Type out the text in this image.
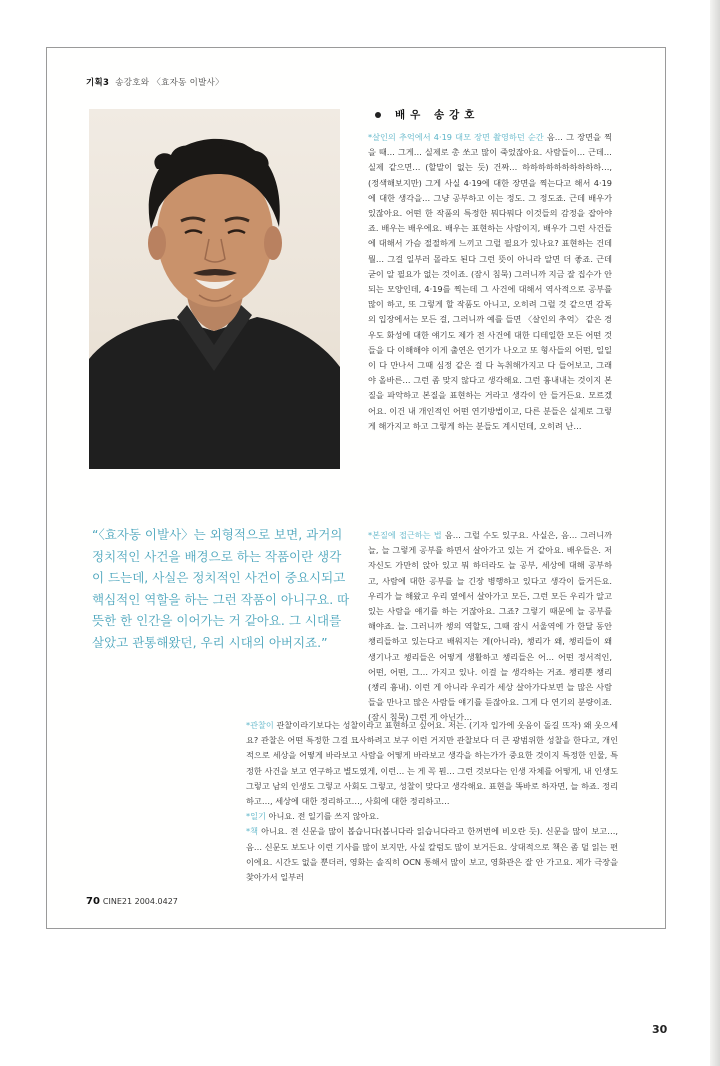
기획3 송강호와 〈효자동 이발사〉
배우 송강호

*살인의 추억에서 4·19 대모 장면 촬영하던 순간 음… 그 장면을 찍을 때… 그게… 실제로 총 쏘고 많이 죽었잖아요. 사람들이… 근데… 실제 같으면… (할말이 없는 듯) 건짜… 하하하하하하하하하하…, (정색해보지만) 그게 사실 4·19에 대한 장면을 찍는다고 해서 4·19에 대한 생각을… 그냥 공부하고 이는 정도. 그 정도죠. 근데 배우가 있잖아요. 어떤 한 작품의 특정한 뭐다뭐다 이것들의 감정을 잡아야죠. 배우는 배우에요. 배우는 표현하는 사람이지, 배우가 그런 사건들에 대해서 가슴 절절하게 느끼고 그럴 필요가 있나요? 표현하는 건데 뭘… 그걸 일부러 몰라도 된다 그런 뜻이 아니라 알면 더 좋죠. 근데 굳이 알 필요가 없는 것이죠. (잠시 침묵) 그러니까 지금 잘 집수가 안 되는 모양인데, 4·19를 찍는데 그 사건에 대해서 역사적으로 공부를 많이 하고, 또 그렇게 할 작품도 아니고, 오히려 그럴 것 같으면 감독의 입장에서는 모든 걸, 그러니까 예를 들면 〈살인의 추억〉 같은 경우도 화성에 대한 얘기도 제가 전 사건에 대한 디테일한 모든 어떤 것들을 다 이해해야 이게 출연은 연기가 나오고 또 형사들의 어떤, 일일이 다 만나서 그때 심정 같은 걸 다 녹취해가지고 다 들어보고, 그래야 올바른… 그런 좀 맞지 않다고 생각해요. 그런 흉내내는 것이지 본질을 파악하고 본질을 표현하는 거라고 생각이 안 들거든요. 모르겠어요. 이건 내 개인적인 어떤 연기방법이고, 다른 분들은 실제로 그렇게 해가지고 하고 그렇게 하는 분들도 계시던데, 오히려 난…

“〈효자동 이발사〉는 외형적으로 보면, 과거의 정치적인 사건을 배경으로 하는 작품이란 생각이 드는데, 사실은 정치적인 사건이 중요시되고 핵심적인 역할을 하는 그런 작품이 아니구요. 따뜻한 한 인간을 이어가는 거 같아요. 그 시대를 살았고 관통해왔던, 우리 시대의 아버지죠.”

*본질에 접근하는 법 음… 그럴 수도 있구요. 사실은, 음… 그러니까 늘, 늘 그렇게 공부를 하면서 살아가고 있는 거 같아요. 배우들은. 저 자신도 가만히 앉아 있고 뭐 하더라도 늘 공부, 세상에 대해 공부하고, 사람에 대한 공부를 늘 긴장 병행하고 있다고 생각이 들거든요. 우리가 늘 해왔고 우리 옆에서 살아가고 모든, 그런 모든 우리가 알고 있는 사람을 얘기를 하는 거잖아요. 그죠? 그렇기 때문에 늘 공부를 해야죠. 늘. 그러니까 챙의 역할도, 그때 잠시 서울역에 가 한달 동안 챙리들하고 있는다고 배워지는 게(아니라), 챙리가 왜, 챙리들이 왜 생기나고 챙리들은 어떻게 생활하고 챙리들은 어… 어떤 정서적인, 어떤, 어떤, 그… 가지고 있나. 이걸 늘 생각하는 거죠. 챙리뿐 챙리(챙리 흉내). 이런 게 아니라 우리가 세상 살아가다보면 늘 많은 사람들을 만나고 많은 사람들 얘기를 듣잖아요. 그게 다 연기의 분량이죠. (잠시 침묵) 그런 게 아닌가…

*관찰이 관찰이라기보다는 성찰이라고 표현하고 싶어요. 저는. (기자 입가에 웃음이 돌길 뜨자) 왜 웃으세요? 관찰은 어떤 특정한 그걸 묘사하려고 보구 이런 거지만 관찰보다 더 큰 광범위한 성찰을 한다고, 개인적으로 세상을 어떻게 바라보고 사람을 어떻게 바라보고 생각을 하는가가 중요한 것이지 특정한 인물, 특정한 사건을 보고 연구하고 별도였게, 이런… 는 게 꼭 뭔… 그런 것보다는 인생 자체를 어떻게, 내 인생도 그렇고 남의 인생도 그렇고 사회도 그렇고, 성찰이 맞다고 생각해요. 표현을 똑바로 하자면, 늘 하죠. 정리하고…, 세상에 대한 정리하고…, 사회에 대한 정리하고…

*일기 아니요. 전 일기를 쓰지 않아요.

*책 아니요. 전 신문을 많이 봅습니다(봅니다라 읽습니다라고 한꺼번에 비오란 듯). 신문을 많이 보고…, 음… 신문도 보도나 이런 기사를 많이 보지만, 사실 칼럼도 많이 보거든요. 상대적으로 책은 좀 덜 읽는 편이에요. 시간도 없을 뿐더러, 영화는 솔직히 OCN 통해서 많이 보고, 영화관은 잘 안 가고요. 제가 극장을 찾아가서 일부러

70 CINE21 2004.0427
30
